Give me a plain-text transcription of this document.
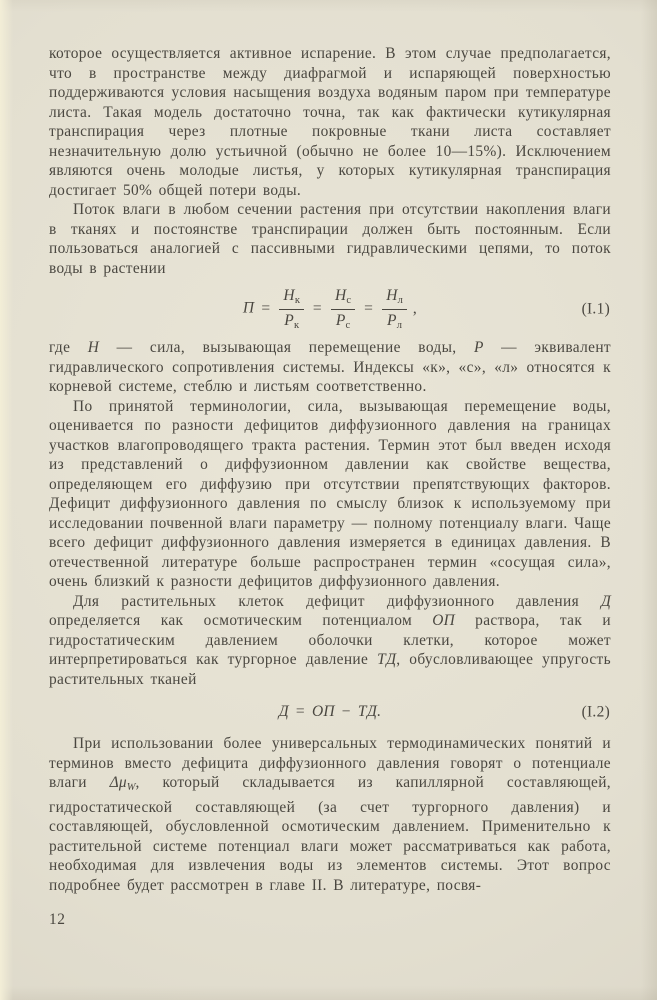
которое осуществляется активное испарение. В этом случае предполагается, что в пространстве между диафрагмой и испаряющей поверхностью поддерживаются условия насыщения воздуха водяным паром при температуре листа. Такая модель достаточно точна, так как фактически кутикулярная транспирация через плотные покровные ткани листа составляет незначительную долю устьичной (обычно не более 10—15%). Исключением являются очень молодые листья, у которых кутикулярная транспирация достигает 50% общей потери воды.

Поток влаги в любом сечении растения при отсутствии накопления влаги в тканях и постоянстве транспирации должен быть постоянным. Если пользоваться аналогией с пассивными гидравлическими цепями, то поток воды в растении

$П = \frac{H_к}{P_к} = \frac{H_с}{P_с} = \frac{H_л}{P_л}$ ,	(I.1)

где H — сила, вызывающая перемещение воды, P — эквивалент гидравлического сопротивления системы. Индексы «к», «с», «л» относятся к корневой системе, стеблю и листьям соответственно.

По принятой терминологии, сила, вызывающая перемещение воды, оценивается по разности дефицитов диффузионного давления на границах участков влагопроводящего тракта растения. Термин этот был введен исходя из представлений о диффузионном давлении как свойстве вещества, определяющем его диффузию при отсутствии препятствующих факторов. Дефицит диффузионного давления по смыслу близок к используемому при исследовании почвенной влаги параметру — полному потенциалу влаги. Чаще всего дефицит диффузионного давления измеряется в единицах давления. В отечественной литературе больше распространен термин «сосущая сила», очень близкий к разности дефицитов диффузионного давления.

Для растительных клеток дефицит диффузионного давления Д определяется как осмотическим потенциалом ОП раствора, так и гидростатическим давлением оболочки клетки, которое может интерпретироваться как тургорное давление ТД, обусловливающее упругость растительных тканей

Д = ОП − ТД.	(I.2)

При использовании более универсальных термодинамических понятий и терминов вместо дефицита диффузионного давления говорят о потенциале влаги ΔμW, который складывается из капиллярной составляющей, гидростатической составляющей (за счет тургорного давления) и составляющей, обусловленной осмотическим давлением. Применительно к растительной системе потенциал влаги может рассматриваться как работа, необходимая для извлечения воды из элементов системы. Этот вопрос подробнее будет рассмотрен в главе II. В литературе, посвя-

12
